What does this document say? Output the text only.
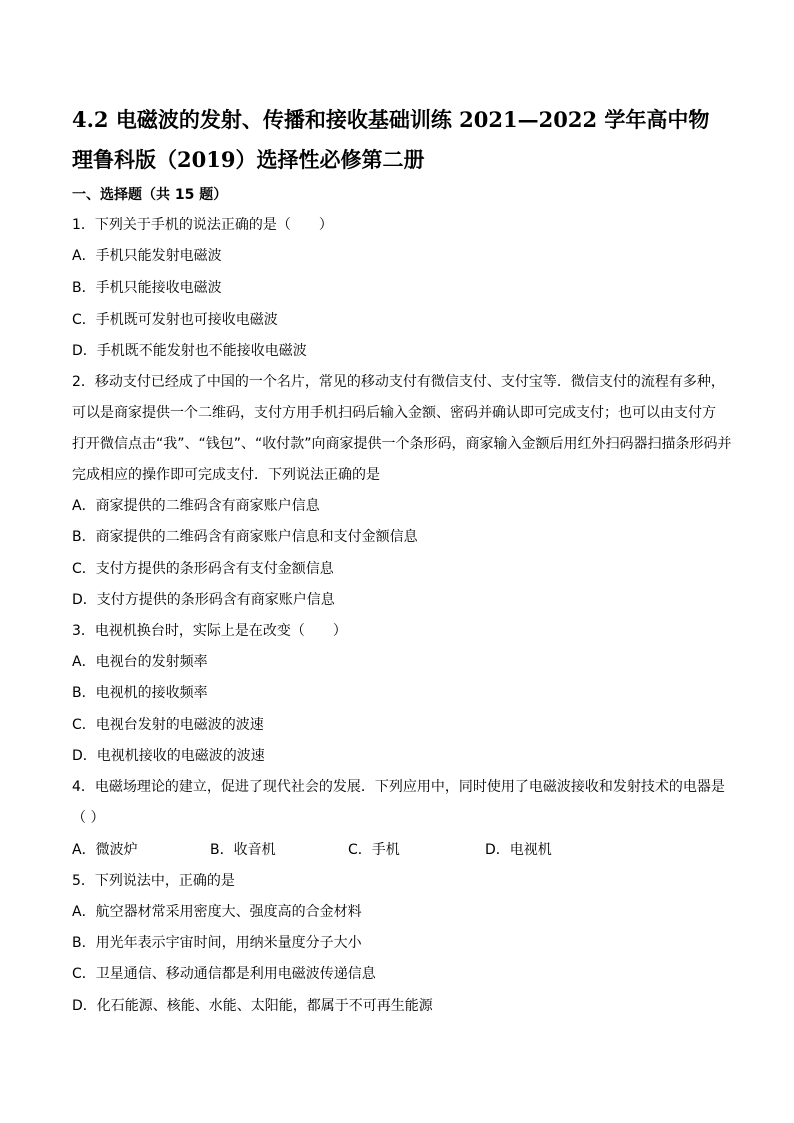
4.2 电磁波的发射、传播和接收基础训练 2021—2022 学年高中物理鲁科版（2019）选择性必修第二册
一、选择题（共 15 题）
1．下列关于手机的说法正确的是（　　）
A．手机只能发射电磁波
B．手机只能接收电磁波
C．手机既可发射也可接收电磁波
D．手机既不能发射也不能接收电磁波
2．移动支付已经成了中国的一个名片，常见的移动支付有微信支付、支付宝等．微信支付的流程有多种，
可以是商家提供一个二维码，支付方用手机扫码后输入金额、密码并确认即可完成支付；也可以由支付方
打开微信点击“我”、“钱包”、“收付款”向商家提供一个条形码，商家输入金额后用红外扫码器扫描条形码并
完成相应的操作即可完成支付．下列说法正确的是
A．商家提供的二维码含有商家账户信息
B．商家提供的二维码含有商家账户信息和支付金额信息
C．支付方提供的条形码含有支付金额信息
D．支付方提供的条形码含有商家账户信息
3．电视机换台时，实际上是在改变（　　）
A．电视台的发射频率
B．电视机的接收频率
C．电视台发射的电磁波的波速
D．电视机接收的电磁波的波速
4．电磁场理论的建立，促进了现代社会的发展．下列应用中，同时使用了电磁波接收和发射技术的电器是
（ ）
A．微波炉	B．收音机	C．手机	D．电视机
5．下列说法中，正确的是
A．航空器材常采用密度大、强度高的合金材料
B．用光年表示宇宙时间，用纳米量度分子大小
C．卫星通信、移动通信都是利用电磁波传递信息
D．化石能源、核能、水能、太阳能，都属于不可再生能源
